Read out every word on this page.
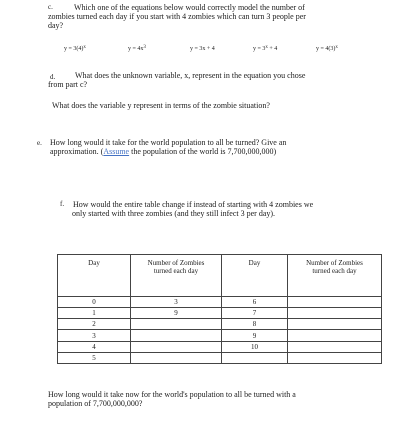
c.	Which one of the equations below would correctly model the number of
zombies turned each day if you start with 4 zombies which can turn 3 people per
day?
$y = 3(4)^x$	$y = 4x^3$	y = 3x + 4	$y = 3^x + 4$	$y = 4(3)^x$
d. What does the unknown variable, x, represent in the equation you chose
from part c?
What does the variable y represent in terms of the zombie situation?
e. How long would it take for the world population to all be turned? Give an
approximation. (Assume the population of the world is 7,700,000,000)
f. How would the entire table change if instead of starting with 4 zombies we
only started with three zombies (and they still infect 3 per day).
Day	Number of Zombies turned each day	Day	Number of Zombies turned each day
0	3	6	
1	9	7	
2		8	
3		9	
4		10	
5			
How long would it take now for the world's population to all be turned with a
population of 7,700,000,000?
